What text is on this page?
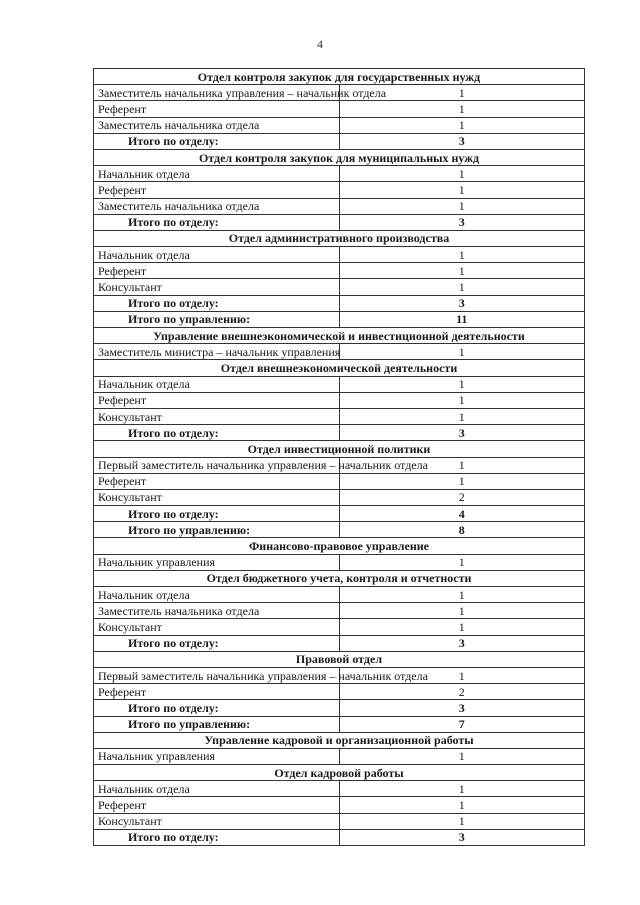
4
Отдел контроля закупок для государственных нужд	
Заместитель начальника управления – начальник отдела	1
Референт	1
Заместитель начальника отдела	1
Итого по отделу:	3
Отдел контроля закупок для муниципальных нужд	
Начальник отдела	1
Референт	1
Заместитель начальника отдела	1
Итого по отделу:	3
Отдел административного производства	
Начальник отдела	1
Референт	1
Консультант	1
Итого по отделу:	3
Итого по управлению:	11
Управление внешнеэкономической и инвестиционной деятельности	
Заместитель министра – начальник управления	1
Отдел внешнеэкономической деятельности	
Начальник отдела	1
Референт	1
Консультант	1
Итого по отделу:	3
Отдел инвестиционной политики	
Первый заместитель начальника управления – начальник отдела	1
Референт	1
Консультант	2
Итого по отделу:	4
Итого по управлению:	8
Финансово-правовое управление	
Начальник управления	1
Отдел бюджетного учета, контроля и отчетности	
Начальник отдела	1
Заместитель начальника отдела	1
Консультант	1
Итого по отделу:	3
Правовой отдел	
Первый заместитель начальника управления – начальник отдела	1
Референт	2
Итого по отделу:	3
Итого по управлению:	7
Управление кадровой и организационной работы	
Начальник управления	1
Отдел кадровой работы	
Начальник отдела	1
Референт	1
Консультант	1
Итого по отделу:	3
